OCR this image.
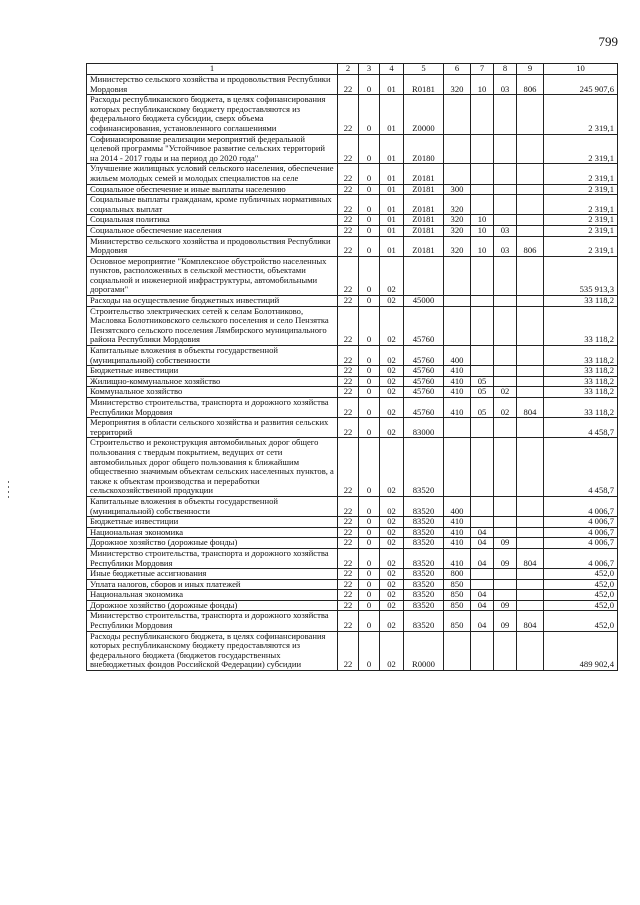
799
1	2	3	4	5	6	7	8	9	10
Министерство сельского хозяйства и продовольствия Республики Мордовия	22	0	01	R0181	320	10	03	806	245 907,6
Расходы республиканского бюджета, в целях софинансирования которых республиканскому бюджету предоставляются из федерального бюджета субсидии, сверх объема софинансирования, установленного соглашениями	22	0	01	Z0000					2 319,1
Софинансирование реализации мероприятий федеральной целевой программы "Устойчивое развитие сельских территорий на 2014 - 2017 годы и на период до 2020 года"	22	0	01	Z0180					2 319,1
Улучшение жилищных условий сельского населения, обеспечение жильем молодых семей и молодых специалистов на селе	22	0	01	Z0181					2 319,1
Социальное обеспечение и иные выплаты населению	22	0	01	Z0181	300				2 319,1
Социальные выплаты гражданам, кроме публичных нормативных социальных выплат	22	0	01	Z0181	320				2 319,1
Социальная политика	22	0	01	Z0181	320	10			2 319,1
Социальное обеспечение населения	22	0	01	Z0181	320	10	03		2 319,1
Министерство сельского хозяйства и продовольствия Республики Мордовия	22	0	01	Z0181	320	10	03	806	2 319,1
Основное мероприятие "Комплексное обустройство населенных пунктов, расположенных в сельской местности, объектами социальной и инженерной инфраструктуры, автомобильными дорогами"	22	0	02						535 913,3
Расходы на осуществление бюджетных инвестиций	22	0	02	45000					33 118,2
Строительство электрических сетей к селам Болотниково, Масловка Болотниковского сельского поселения и село Пензятка Пензятского сельского поселения Лямбирского муниципального района Республики Мордовия	22	0	02	45760					33 118,2
Капитальные вложения в объекты государственной (муниципальной) собственности	22	0	02	45760	400				33 118,2
Бюджетные инвестиции	22	0	02	45760	410				33 118,2
Жилищно-коммунальное хозяйство	22	0	02	45760	410	05			33 118,2
Коммунальное хозяйство	22	0	02	45760	410	05	02		33 118,2
Министерство строительства, транспорта и дорожного хозяйства Республики Мордовия	22	0	02	45760	410	05	02	804	33 118,2
Мероприятия в области сельского хозяйства и развития сельских территорий	22	0	02	83000					4 458,7
Строительство и реконструкция автомобильных дорог общего пользования с твердым покрытием, ведущих от сети автомобильных дорог общего пользования к ближайшим общественно значимым объектам сельских населенных пунктов, а также к объектам производства и переработки сельскохозяйственной продукции	22	0	02	83520					4 458,7
Капитальные вложения в объекты государственной (муниципальной) собственности	22	0	02	83520	400				4 006,7
Бюджетные инвестиции	22	0	02	83520	410				4 006,7
Национальная экономика	22	0	02	83520	410	04			4 006,7
Дорожное хозяйство (дорожные фонды)	22	0	02	83520	410	04	09		4 006,7
Министерство строительства, транспорта и дорожного хозяйства Республики Мордовия	22	0	02	83520	410	04	09	804	4 006,7
Иные бюджетные ассигнования	22	0	02	83520	800				452,0
Уплата налогов, сборов и иных платежей	22	0	02	83520	850				452,0
Национальная экономика	22	0	02	83520	850	04			452,0
Дорожное хозяйство (дорожные фонды)	22	0	02	83520	850	04	09		452,0
Министерство строительства, транспорта и дорожного хозяйства Республики Мордовия	22	0	02	83520	850	04	09	804	452,0
Расходы республиканского бюджета, в целях софинансирования которых республиканскому бюджету предоставляются из федерального бюджета (бюджетов государственных внебюджетных фондов Российской Федерации) субсидии	22	0	02	R0000					489 902,4
